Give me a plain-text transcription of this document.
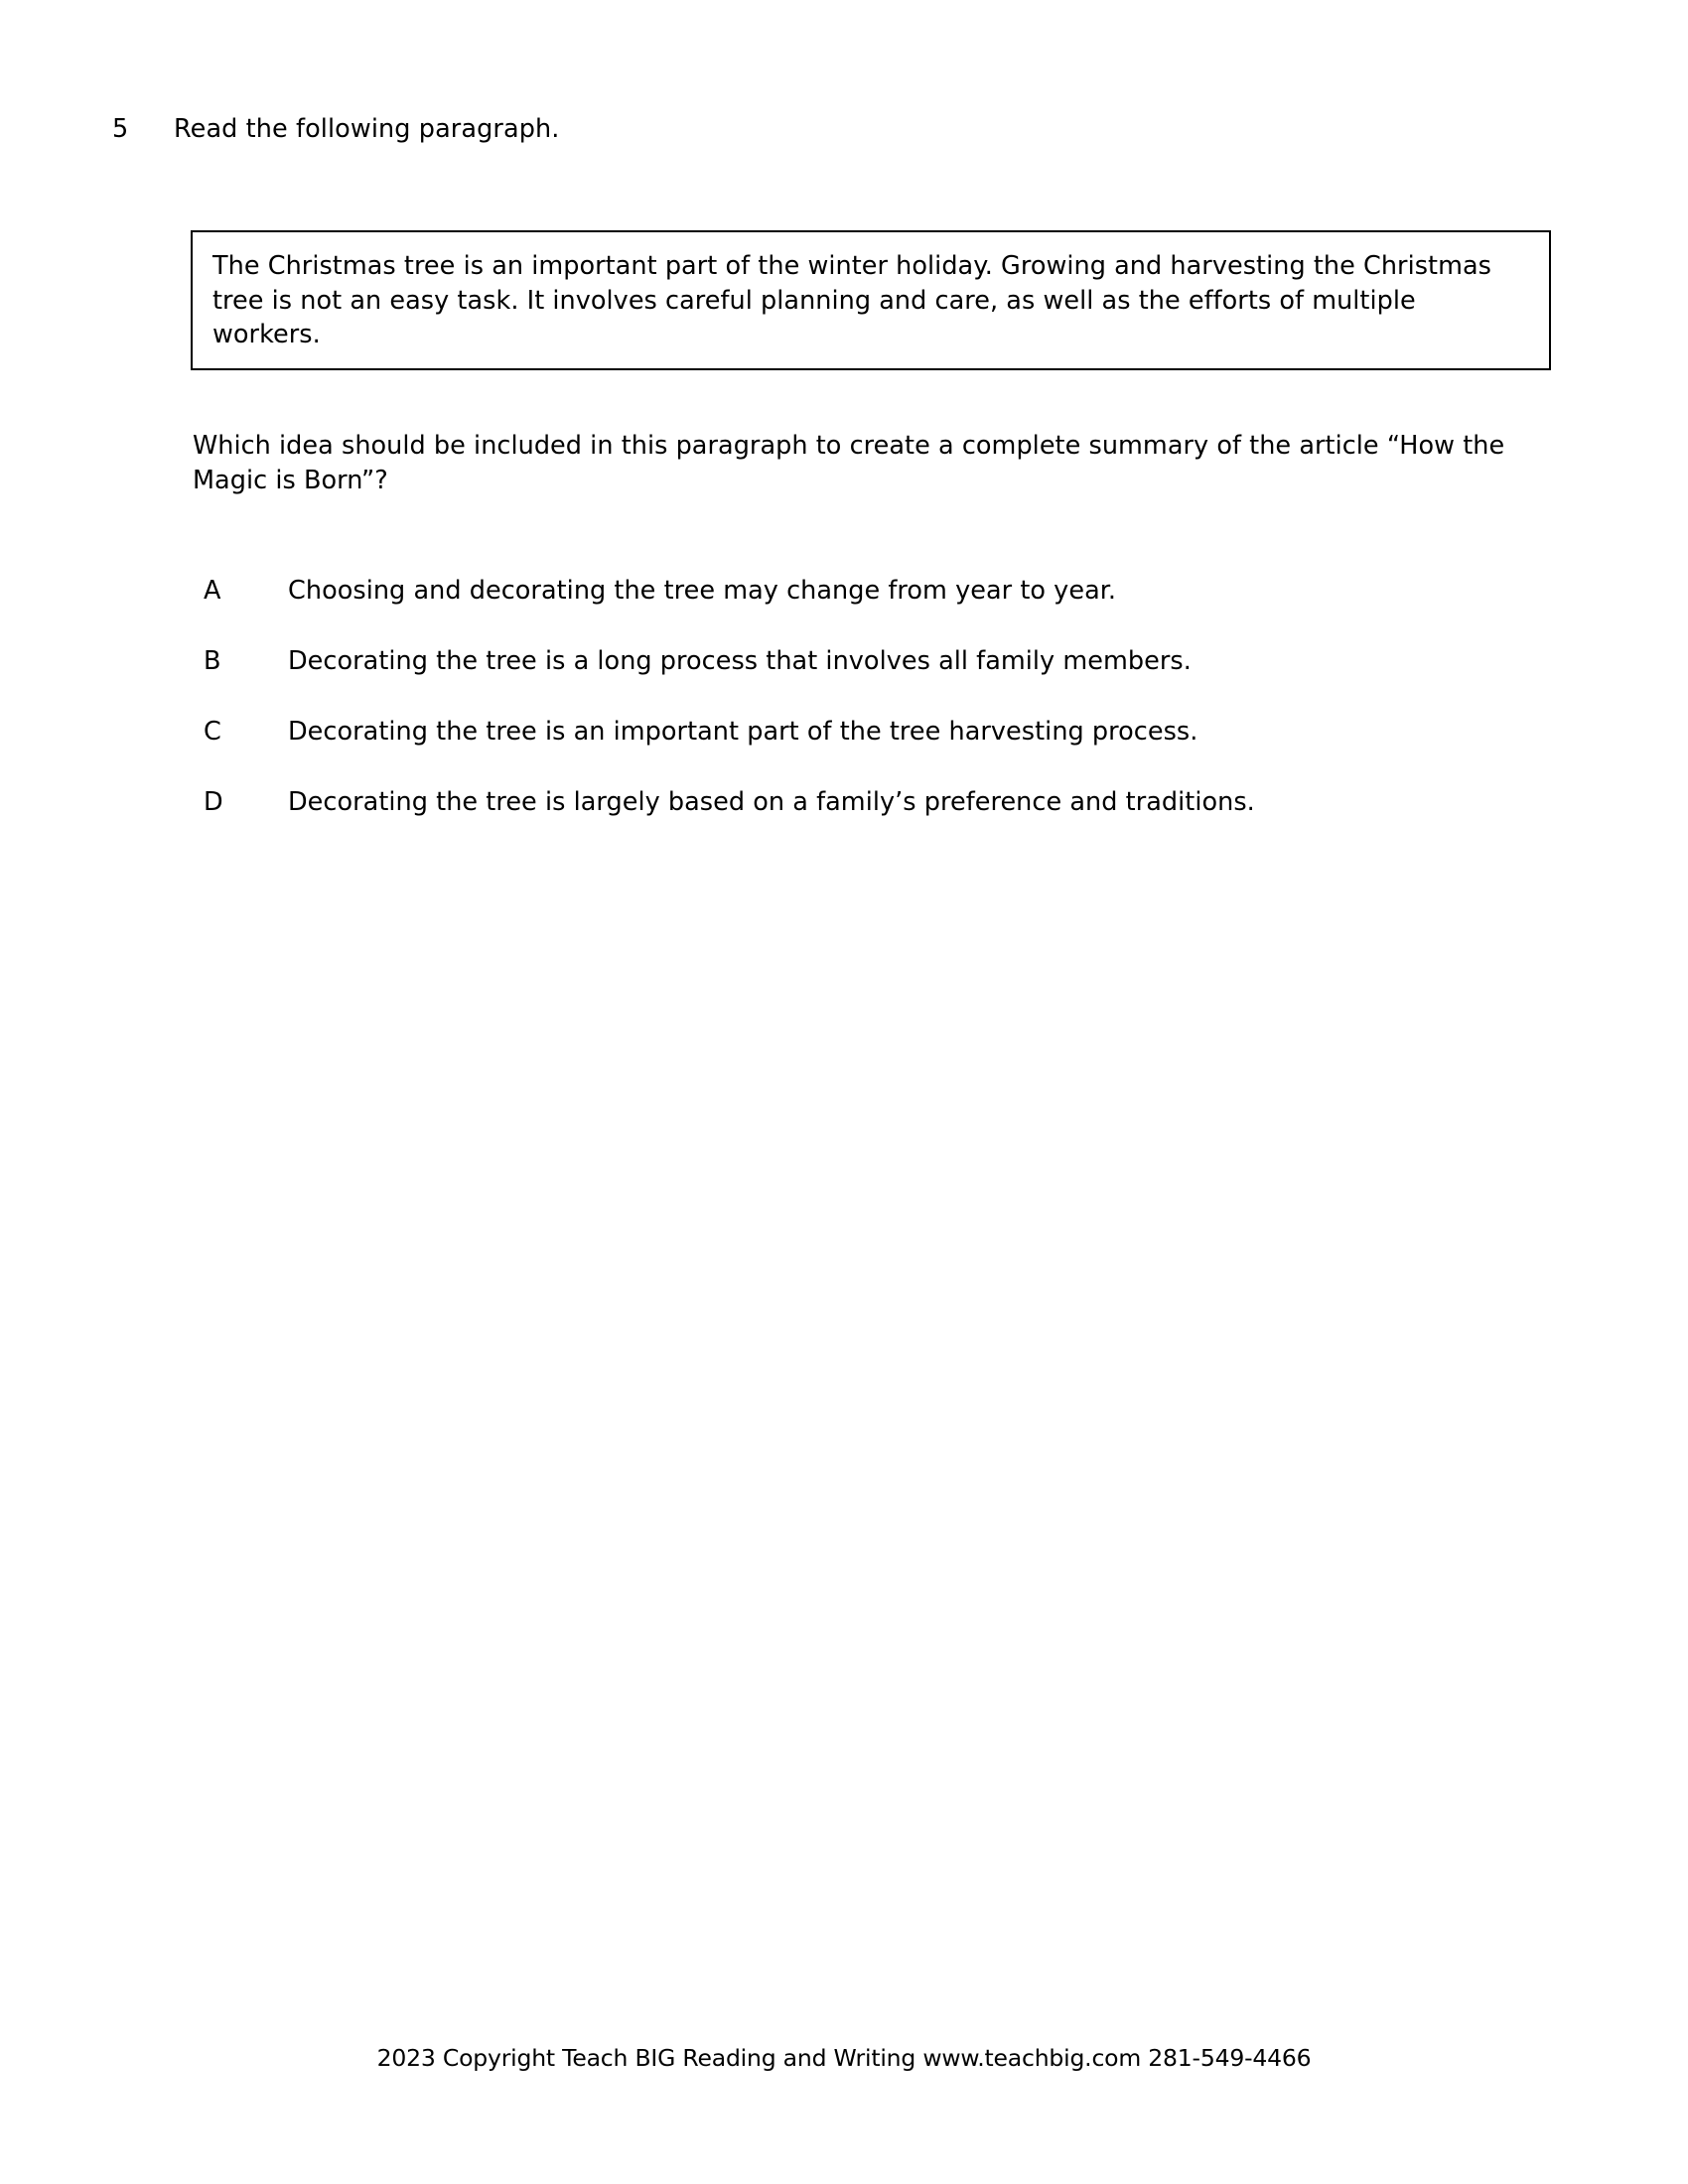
5	Read the following paragraph.
The Christmas tree is an important part of the winter holiday. Growing and harvesting the Christmas tree is not an easy task. It involves careful planning and care, as well as the efforts of multiple workers.
Which idea should be included in this paragraph to create a complete summary of the article “How the Magic is Born”?
A	Choosing and decorating the tree may change from year to year.
B	Decorating the tree is a long process that involves all family members.
C	Decorating the tree is an important part of the tree harvesting process.
D	Decorating the tree is largely based on a family’s preference and traditions.
2023 Copyright Teach BIG Reading and Writing www.teachbig.com 281-549-4466
